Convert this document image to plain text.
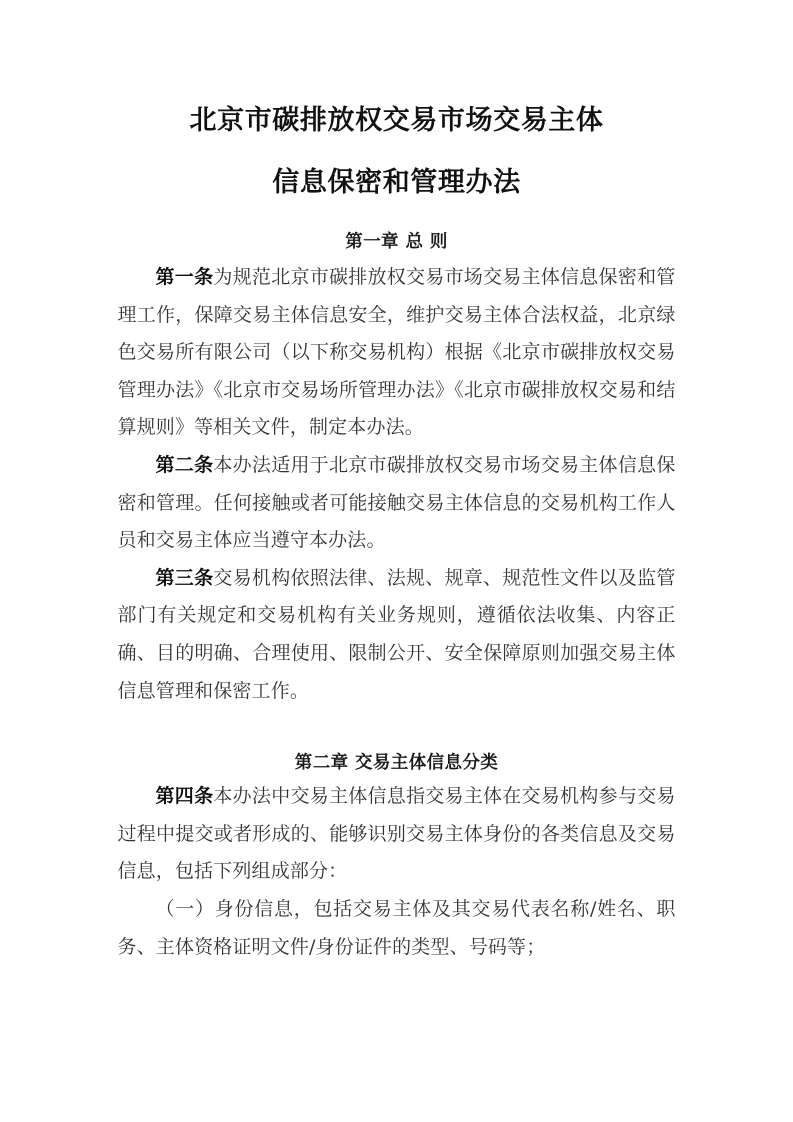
北京市碳排放权交易市场交易主体
信息保密和管理办法
第一章 总 则

第一条为规范北京市碳排放权交易市场交易主体信息保密和管理工作，保障交易主体信息安全，维护交易主体合法权益，北京绿色交易所有限公司（以下称交易机构）根据《北京市碳排放权交易管理办法》《北京市交易场所管理办法》《北京市碳排放权交易和结算规则》等相关文件，制定本办法。

第二条本办法适用于北京市碳排放权交易市场交易主体信息保密和管理。任何接触或者可能接触交易主体信息的交易机构工作人员和交易主体应当遵守本办法。

第三条交易机构依照法律、法规、规章、规范性文件以及监管部门有关规定和交易机构有关业务规则，遵循依法收集、内容正确、目的明确、合理使用、限制公开、安全保障原则加强交易主体信息管理和保密工作。

第二章 交易主体信息分类

第四条本办法中交易主体信息指交易主体在交易机构参与交易过程中提交或者形成的、能够识别交易主体身份的各类信息及交易信息，包括下列组成部分：

（一）身份信息，包括交易主体及其交易代表名称/姓名、职务、主体资格证明文件/身份证件的类型、号码等；
